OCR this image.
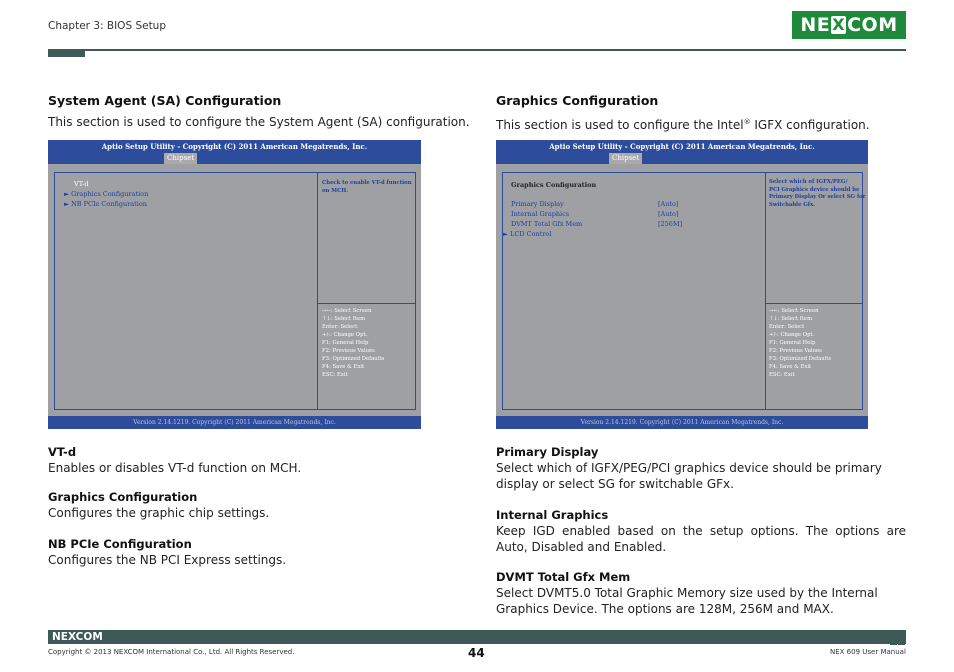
Chapter 3: BIOS Setup	NE X COM
System Agent (SA) Configuration
This section is used to configure the System Agent (SA) configuration.
Aptio Setup Utility - Copyright (C) 2011 American Megatrends, Inc.
Chipset
VT-d
► Graphics Configuration
► NB PCIe Configuration
Check to enable VT-d function
on MCH.
→←: Select Screen
↑↓: Select Item
Enter: Select
+/-: Change Opt.
F1: General Help
F2: Previous Values
F3: Optimized Defaults
F4: Save & Exit
ESC: Exit
Version 2.14.1219. Copyright (C) 2011 American Megatrends, Inc.
VT-d
Enables or disables VT-d function on MCH.
Graphics Configuration
Configures the graphic chip settings.
NB PCIe Configuration
Configures the NB PCI Express settings.
Graphics Configuration
This section is used to configure the Intel® IGFX configuration.
Aptio Setup Utility - Copyright (C) 2011 American Megatrends, Inc.
Chipset
Graphics Configuration
Primary Display	[Auto]
Internal Graphics	[Auto]
DVMT Total Gfx Mem	[256M]
► LCD Control
Select which of IGFX/PEG/
PCI Graphics device should be
Primary Display Or select SG for
Switchable Gfx.
→←: Select Screen
↑↓: Select Item
Enter: Select
+/-: Change Opt.
F1: General Help
F2: Previous Values
F3: Optimized Defaults
F4: Save & Exit
ESC: Exit
Version 2.14.1219. Copyright (C) 2011 American Megatrends, Inc.
Primary Display
Select which of IGFX/PEG/PCI graphics device should be primary display or select SG for switchable GFx.
Internal Graphics
Keep IGD enabled based on the setup options. The options are Auto, Disabled and Enabled.
DVMT Total Gfx Mem
Select DVMT5.0 Total Graphic Memory size used by the Internal Graphics Device. The options are 128M, 256M and MAX.
NEXCOM
Copyright © 2013 NEXCOM International Co., Ltd. All Rights Reserved.	44	NEX 609 User Manual
